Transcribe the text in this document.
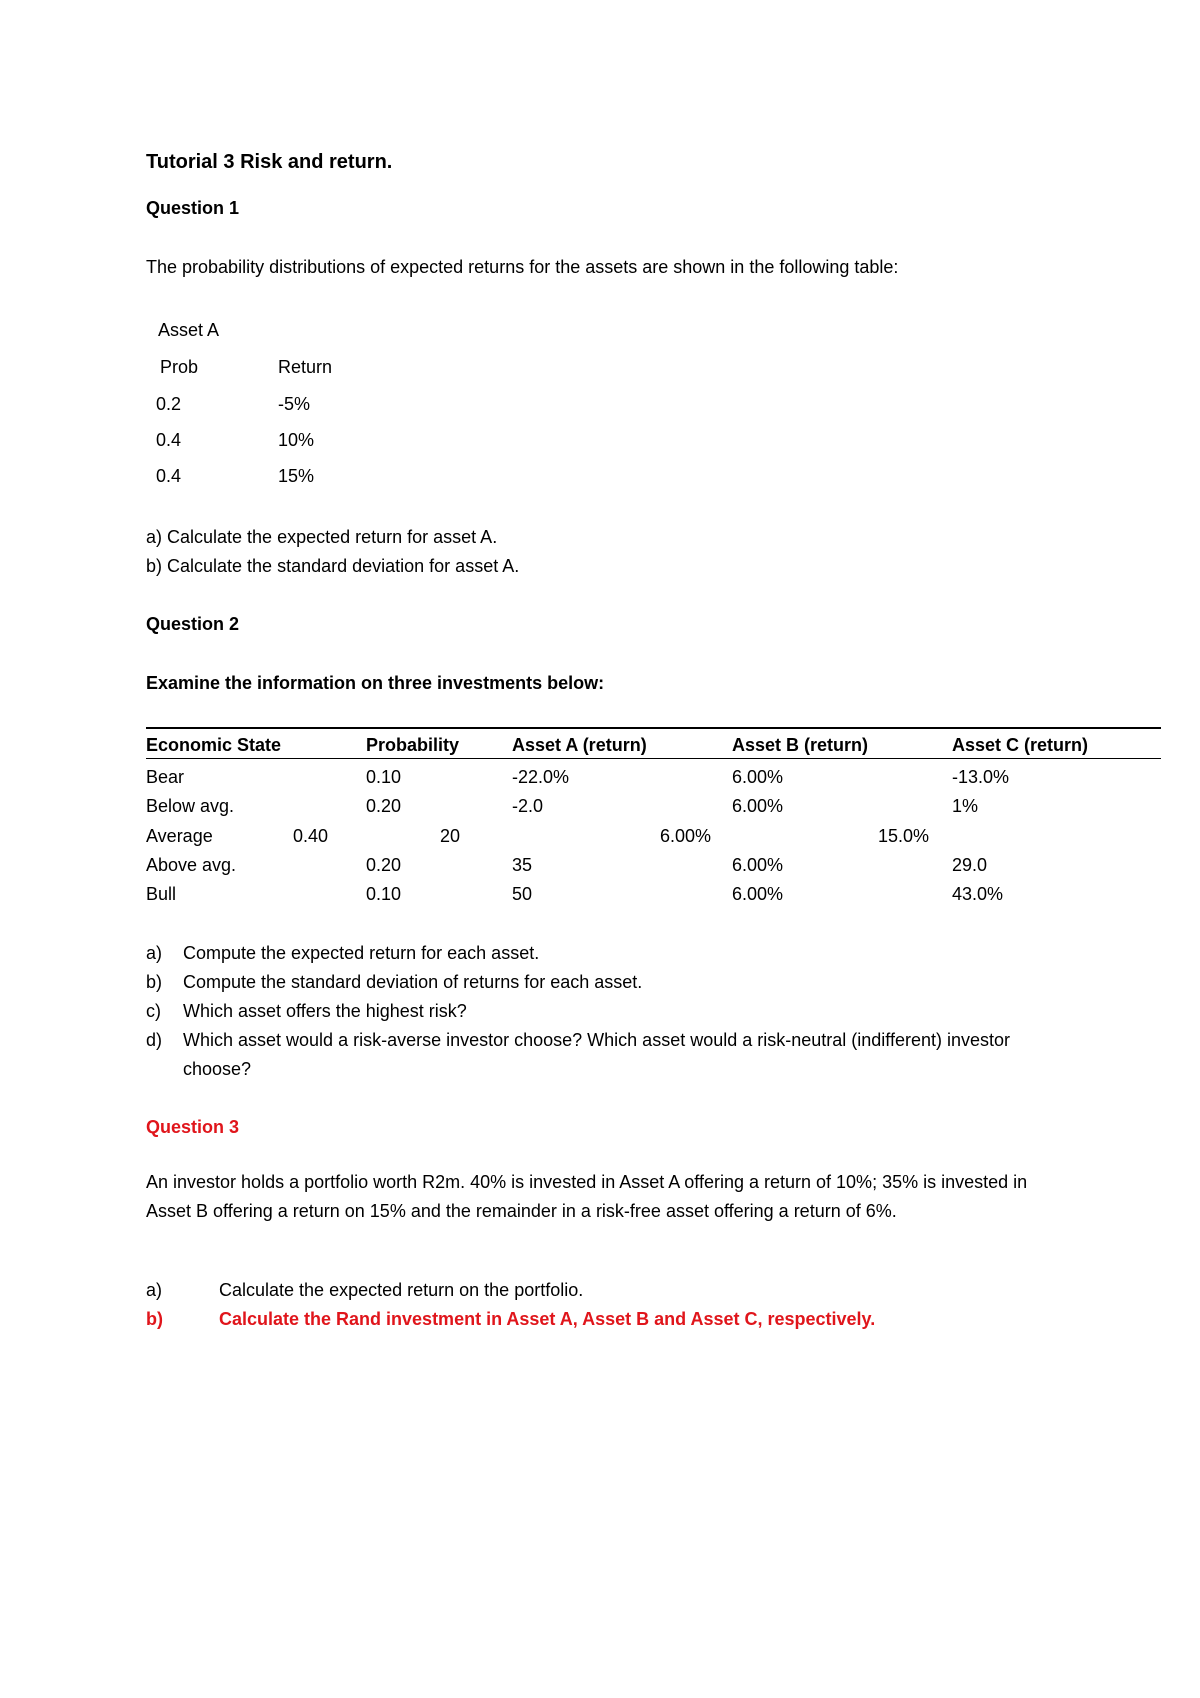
Tutorial 3 Risk and return.
Question 1
The probability distributions of expected returns for the assets are shown in the following table:
Asset A
Prob	Return
0.2	-5%
0.4	10%
0.4	15%
a) Calculate the expected return for asset A.
b) Calculate the standard deviation for asset A.
Question 2
Examine the information on three investments below:
Economic State	Probability	Asset A (return)	Asset B (return)	Asset C (return)
Bear	0.10	-22.0%	6.00%	-13.0%
Below avg.	0.20	-2.0	6.00%	1%
Average	0.40	20	6.00%	15.0%
Above avg.	0.20	35	6.00%	29.0
Bull	0.10	50	6.00%	43.0%
a) Compute the expected return for each asset.
b) Compute the standard deviation of returns for each asset.
c) Which asset offers the highest risk?
d) Which asset would a risk-averse investor choose? Which asset would a risk-neutral (indifferent) investor choose?
Question 3
An investor holds a portfolio worth R2m. 40% is invested in Asset A offering a return of 10%; 35% is invested in Asset B offering a return on 15% and the remainder in a risk-free asset offering a return of 6%.
a)	Calculate the expected return on the portfolio.
b)	Calculate the Rand investment in Asset A, Asset B and Asset C, respectively.
